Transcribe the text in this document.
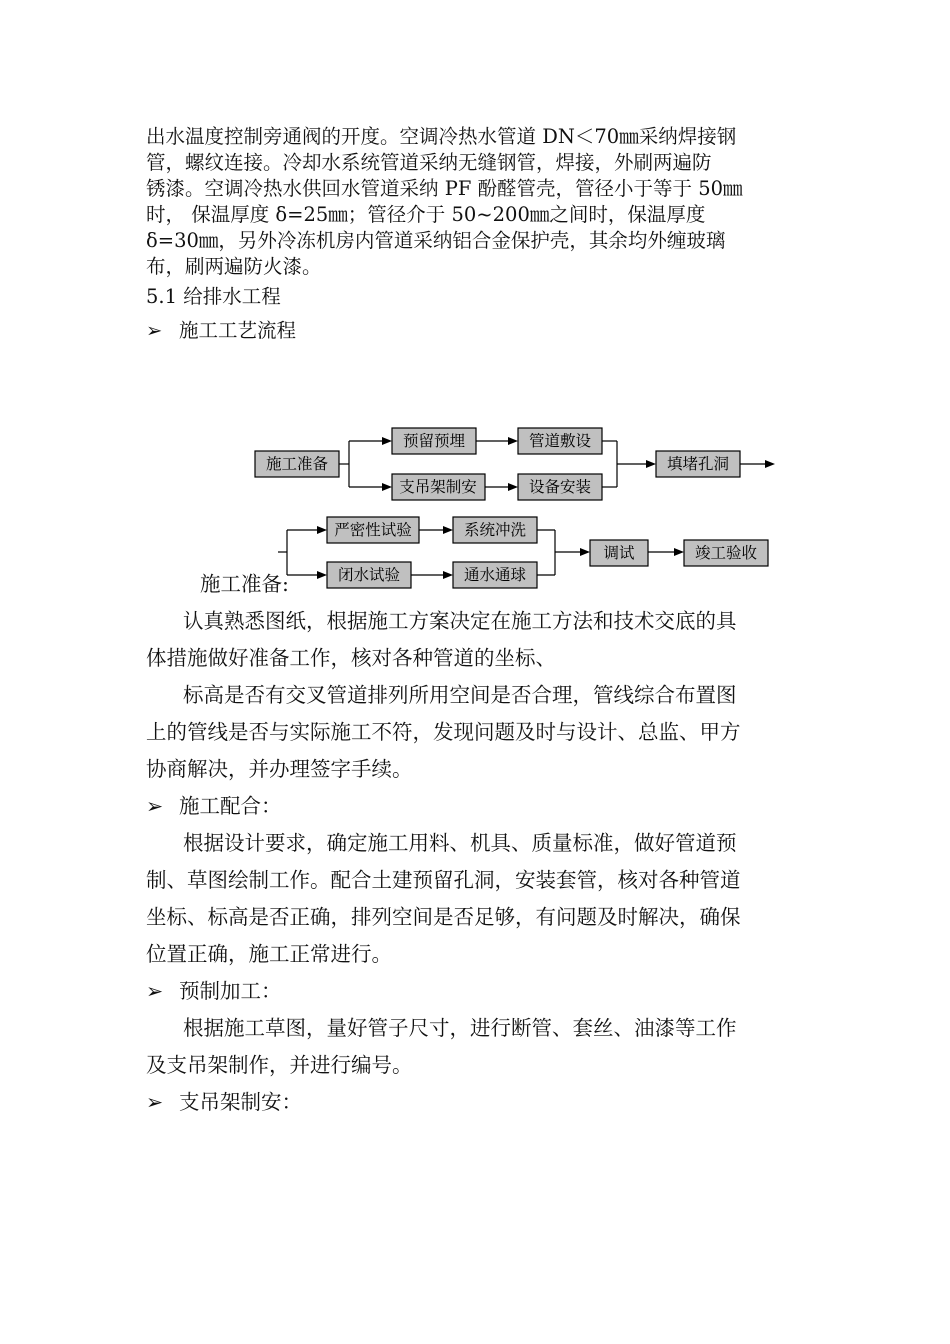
出水温度控制旁通阀的开度。空调冷热水管道 DN＜70㎜采纳焊接钢
管，螺纹连接。冷却水系统管道采纳无缝钢管，焊接，外刷两遍防
锈漆。空调冷热水供回水管道采纳 PF 酚醛管壳，管径小于等于 50㎜
时， 保温厚度 δ=25㎜；管径介于 50~200㎜之间时，保温厚度
δ=30㎜，另外冷冻机房内管道采纳铝合金保护壳，其余均外缠玻璃
布，刷两遍防火漆。
5.1 给排水工程
➢ 施工工艺流程
施工准备
预留预埋
支吊架制安
管道敷设
设备安装
填堵孔洞
严密性试验
闭水试验
系统冲洗
通水通球
调试	竣工验收
施工准备:
认真熟悉图纸，根据施工方案决定在施工方法和技术交底的具
体措施做好准备工作，核对各种管道的坐标、
标高是否有交叉管道排列所用空间是否合理，管线综合布置图
上的管线是否与实际施工不符，发现问题及时与设计、总监、甲方
协商解决，并办理签字手续。
➢ 施工配合：
根据设计要求，确定施工用料、机具、质量标准，做好管道预
制、草图绘制工作。配合土建预留孔洞，安装套管，核对各种管道
坐标、标高是否正确，排列空间是否足够，有问题及时解决，确保
位置正确，施工正常进行。
➢ 预制加工：
根据施工草图，量好管子尺寸，进行断管、套丝、油漆等工作
及支吊架制作，并进行编号。
➢ 支吊架制安：
